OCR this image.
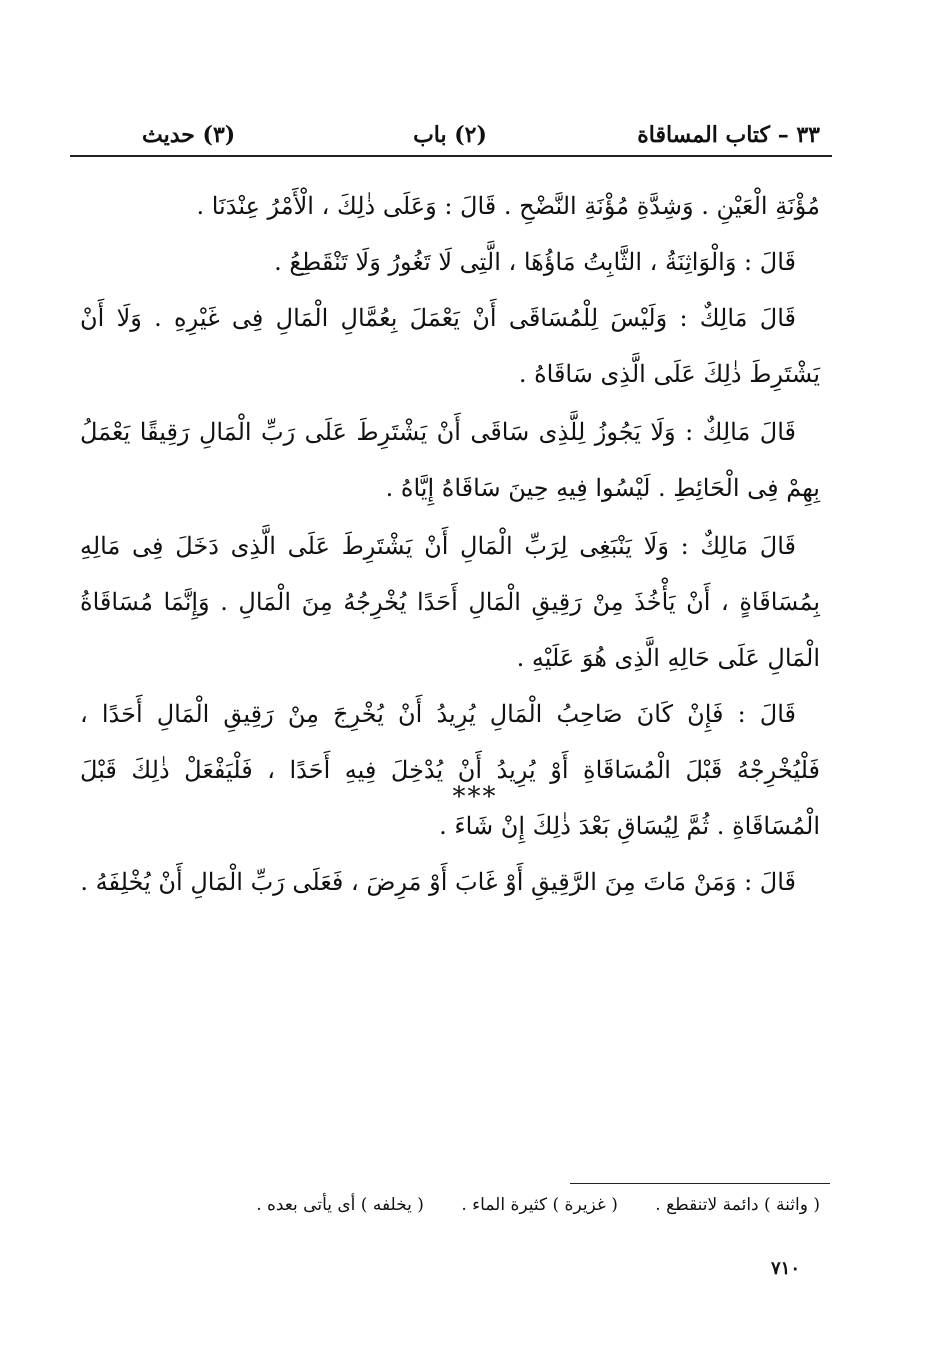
٣٣ – كتاب المساقاة
(٢) باب
(٣) حديث

مُؤْنَةِ الْعَيْنِ . وَشِدَّةِ مُؤْنَةِ النَّضْحِ . قَالَ : وَعَلَى ذٰلِكَ ، الْأَمْرُ عِنْدَنَا .

قَالَ : وَالْوَاثِنَةُ ، الثَّابِتُ مَاؤُهَا ، الَّتِى لَا تَغُورُ وَلَا تَنْقَطِعُ .

قَالَ مَالِكٌ : وَلَيْسَ لِلْمُسَاقَى أَنْ يَعْمَلَ بِعُمَّالِ الْمَالِ فِى غَيْرِهِ . وَلَا أَنْ يَشْتَرِطَ ذٰلِكَ عَلَى الَّذِى سَاقَاهُ .

قَالَ مَالِكٌ : وَلَا يَجُوزُ لِلَّذِى سَاقَى أَنْ يَشْتَرِطَ عَلَى رَبِّ الْمَالِ رَقِيقًا يَعْمَلُ بِهِمْ فِى الْحَائِطِ . لَيْسُوا فِيهِ حِينَ سَاقَاهُ إِيَّاهُ .

قَالَ مَالِكٌ : وَلَا يَنْبَغِى لِرَبِّ الْمَالِ أَنْ يَشْتَرِطَ عَلَى الَّذِى دَخَلَ فِى مَالِهِ بِمُسَاقَاةٍ ، أَنْ يَأْخُذَ مِنْ رَقِيقِ الْمَالِ أَحَدًا يُخْرِجُهُ مِنَ الْمَالِ . وَإِنَّمَا مُسَاقَاةُ الْمَالِ عَلَى حَالِهِ الَّذِى هُوَ عَلَيْهِ .

قَالَ : فَإِنْ كَانَ صَاحِبُ الْمَالِ يُرِيدُ أَنْ يُخْرِجَ مِنْ رَقِيقِ الْمَالِ أَحَدًا ، فَلْيُخْرِجْهُ قَبْلَ الْمُسَاقَاةِ أَوْ يُرِيدُ أَنْ يُدْخِلَ فِيهِ أَحَدًا ، فَلْيَفْعَلْ ذٰلِكَ قَبْلَ الْمُسَاقَاةِ . ثُمَّ لِيُسَاقِ بَعْدَ ذٰلِكَ إِنْ شَاءَ .

قَالَ : وَمَنْ مَاتَ مِنَ الرَّقِيقِ أَوْ غَابَ أَوْ مَرِضَ ، فَعَلَى رَبِّ الْمَالِ أَنْ يُخْلِفَهُ .

***
( واثنة ) دائمة لاتنقطع . ( غزيرة ) كثيرة الماء . ( يخلفه ) أى يأتى بعده .
٧١٠
